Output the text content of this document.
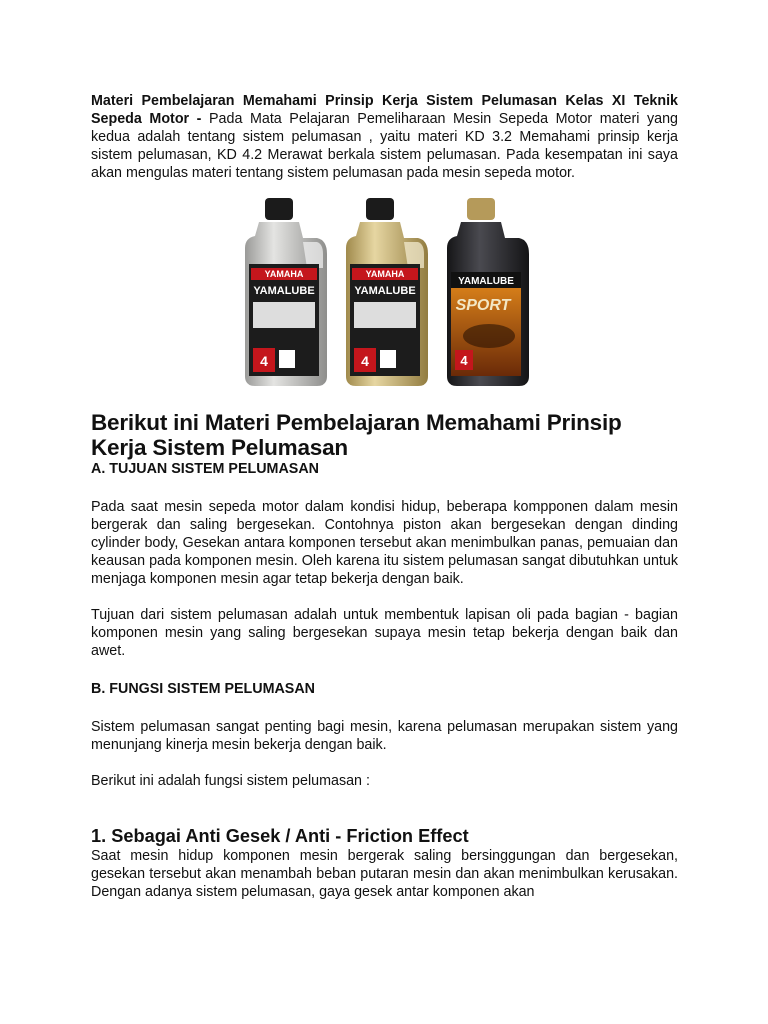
Materi Pembelajaran Memahami Prinsip Kerja Sistem Pelumasan Kelas XI Teknik Sepeda Motor - Pada Mata Pelajaran Pemeliharaan Mesin Sepeda Motor materi yang kedua adalah tentang sistem pelumasan , yaitu materi KD 3.2 Memahami prinsip kerja sistem pelumasan, KD 4.2 Merawat berkala sistem pelumasan. Pada kesempatan ini saya akan mengulas materi tentang sistem pelumasan pada mesin sepeda motor.

YAMAHA
YAMALUBE
4
YAMAHA
YAMALUBE
4
YAMALUBE
SPORT
4
Berikut ini Materi Pembelajaran Memahami Prinsip Kerja Sistem Pelumasan
A. TUJUAN SISTEM PELUMASAN

Pada saat mesin sepeda motor dalam kondisi hidup, beberapa kompponen dalam mesin bergerak dan saling bergesekan. Contohnya piston akan bergesekan dengan dinding cylinder body, Gesekan antara komponen tersebut akan menimbulkan panas, pemuaian dan keausan pada komponen mesin. Oleh karena itu sistem pelumasan sangat dibutuhkan untuk menjaga komponen mesin agar tetap bekerja dengan baik.

Tujuan dari sistem pelumasan adalah untuk membentuk lapisan oli pada bagian - bagian komponen mesin yang saling bergesekan supaya mesin tetap bekerja dengan baik dan awet.

B. FUNGSI SISTEM PELUMASAN

Sistem pelumasan sangat penting bagi mesin, karena pelumasan merupakan sistem yang menunjang kinerja mesin bekerja dengan baik.

Berikut ini adalah fungsi sistem pelumasan :

1. Sebagai Anti Gesek / Anti - Friction Effect

Saat mesin hidup komponen mesin bergerak saling bersinggungan dan bergesekan, gesekan tersebut akan menambah beban putaran mesin dan akan menimbulkan kerusakan. Dengan adanya sistem pelumasan, gaya gesek antar komponen akan
